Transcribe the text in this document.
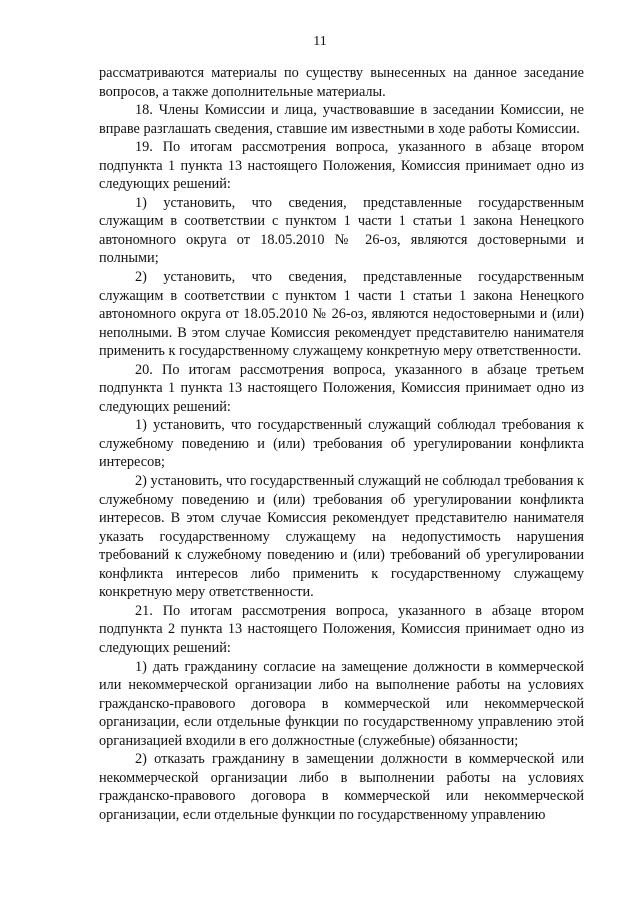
11

рассматриваются материалы по существу вынесенных на данное заседание вопросов, а также дополнительные материалы.

18. Члены Комиссии и лица, участвовавшие в заседании Комиссии, не вправе разглашать сведения, ставшие им известными в ходе работы Комиссии.

19. По итогам рассмотрения вопроса, указанного в абзаце втором подпункта 1 пункта 13 настоящего Положения, Комиссия принимает одно из следующих решений:

1) установить, что сведения, представленные государственным служащим в соответствии с пунктом 1 части 1 статьи 1 закона Ненецкого автономного округа от 18.05.2010 № 26-оз, являются достоверными и полными;

2) установить, что сведения, представленные государственным служащим в соответствии с пунктом 1 части 1 статьи 1 закона Ненецкого автономного округа от 18.05.2010 № 26-оз, являются недостоверными и (или) неполными. В этом случае Комиссия рекомендует представителю нанимателя применить к государственному служащему конкретную меру ответственности.

20. По итогам рассмотрения вопроса, указанного в абзаце третьем подпункта 1 пункта 13 настоящего Положения, Комиссия принимает одно из следующих решений:

1) установить, что государственный служащий соблюдал требования к служебному поведению и (или) требования об урегулировании конфликта интересов;

2) установить, что государственный служащий не соблюдал требования к служебному поведению и (или) требования об урегулировании конфликта интересов. В этом случае Комиссия рекомендует представителю нанимателя указать государственному служащему на недопустимость нарушения требований к служебному поведению и (или) требований об урегулировании конфликта интересов либо применить к государственному служащему конкретную меру ответственности.

21. По итогам рассмотрения вопроса, указанного в абзаце втором подпункта 2 пункта 13 настоящего Положения, Комиссия принимает одно из следующих решений:

1) дать гражданину согласие на замещение должности в коммерческой или некоммерческой организации либо на выполнение работы на условиях гражданско-правового договора в коммерческой или некоммерческой организации, если отдельные функции по государственному управлению этой организацией входили в его должностные (служебные) обязанности;

2) отказать гражданину в замещении должности в коммерческой или некоммерческой организации либо в выполнении работы на условиях гражданско-правового договора в коммерческой или некоммерческой организации, если отдельные функции по государственному управлению
